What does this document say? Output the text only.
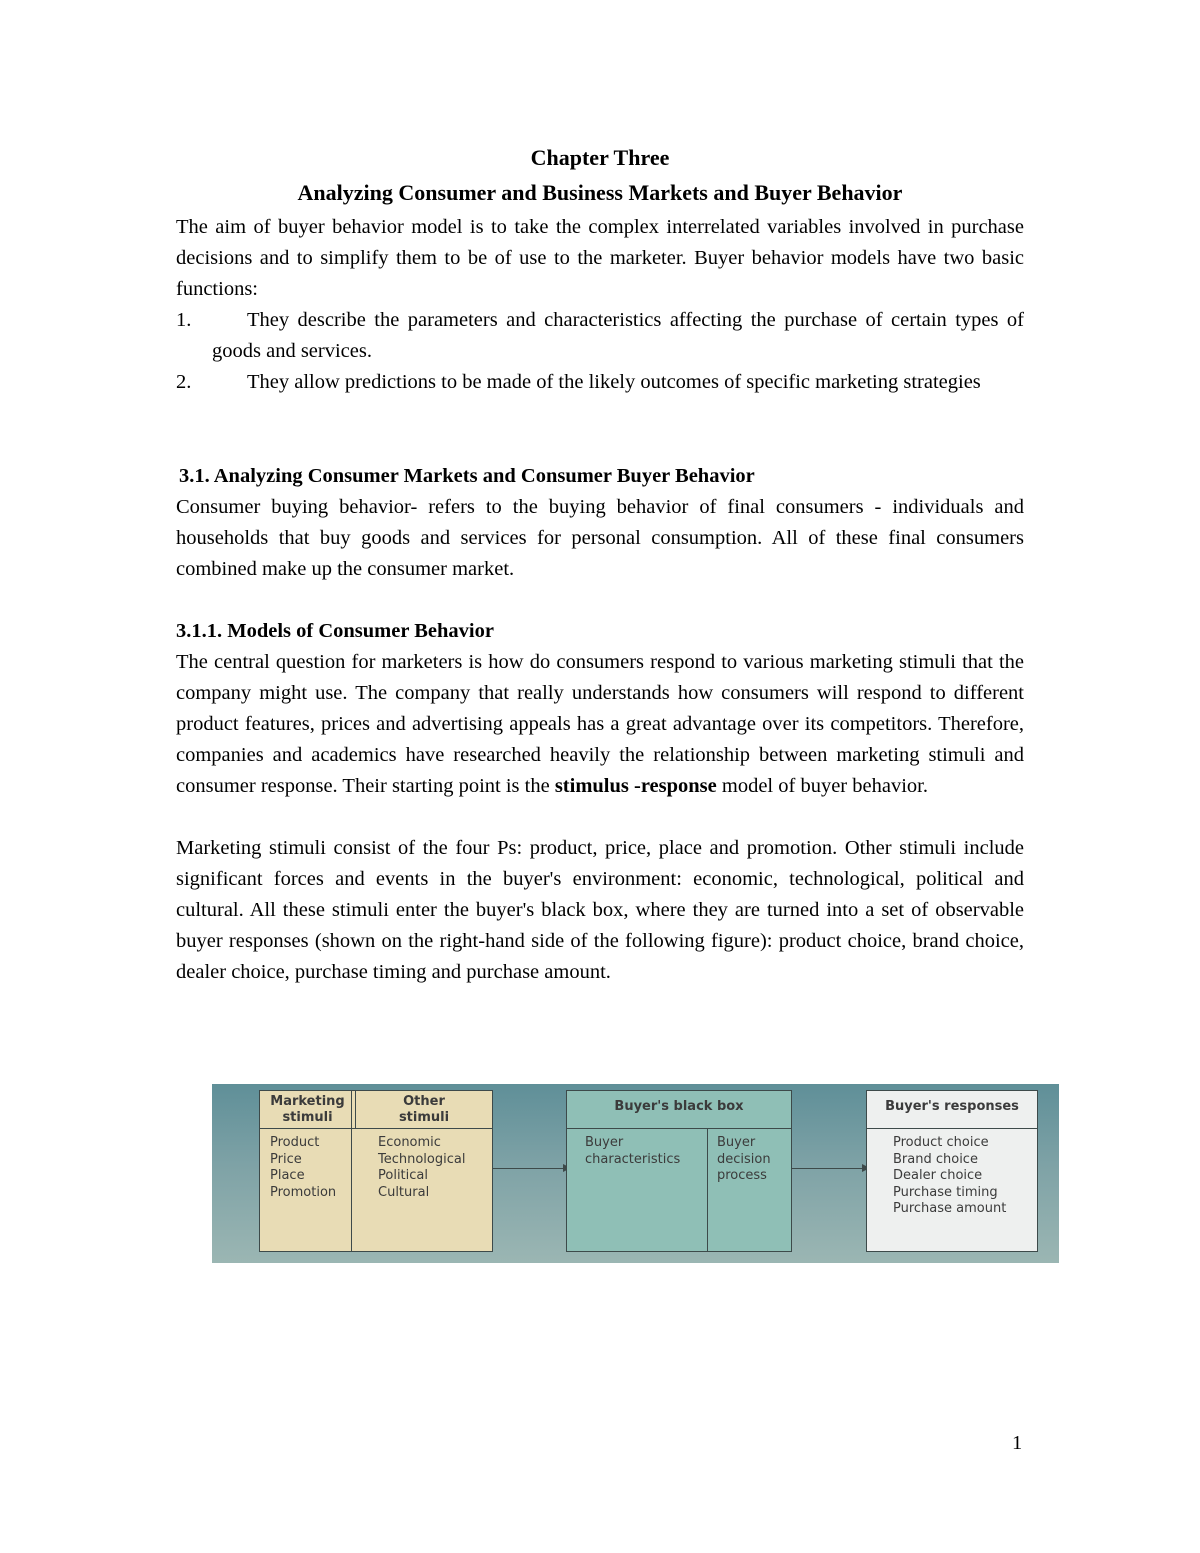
Chapter Three
Analyzing Consumer and Business Markets and Buyer Behavior

The aim of buyer behavior model is to take the complex interrelated variables involved in purchase decisions and to simplify them to be of use to the marketer. Buyer behavior models have two basic functions:

1.	They describe the parameters and characteristics affecting the purchase of certain types of goods and services.
2.	They allow predictions to be made of the likely outcomes of specific marketing strategies

3.1. Analyzing Consumer Markets and Consumer Buyer Behavior

Consumer buying behavior- refers to the buying behavior of final consumers - individuals and households that buy goods and services for personal consumption. All of these final consumers combined make up the consumer market.

3.1.1. Models of Consumer Behavior

The central question for marketers is how do consumers respond to various marketing stimuli that the company might use. The company that really understands how consumers will respond to different product features, prices and advertising appeals has a great advantage over its competitors. Therefore, companies and academics have researched heavily the relationship between marketing stimuli and consumer response. Their starting point is the stimulus -response model of buyer behavior.

Marketing stimuli consist of the four Ps: product, price, place and promotion. Other stimuli include significant forces and events in the buyer's environment: economic, technological, political and cultural. All these stimuli enter the buyer's black box, where they are turned into a set of observable buyer responses (shown on the right-hand side of the following figure): product choice, brand choice, dealer choice, purchase timing and purchase amount.

Marketing
stimuli
Other
stimuli
Product
Price
Place
Promotion
Economic
Technological
Political
Cultural
Buyer's black box
Buyer
characteristics
Buyer
decision
process
Buyer's responses
Product choice
Brand choice
Dealer choice
Purchase timing
Purchase amount
1
